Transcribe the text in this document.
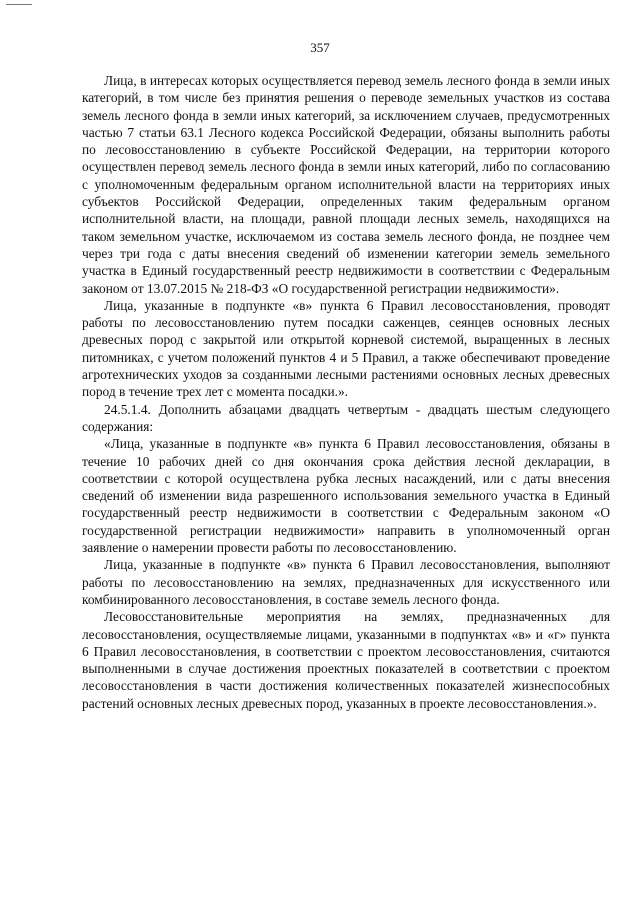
357

Лица, в интересах которых осуществляется перевод земель лесного фонда в земли иных категорий, в том числе без принятия решения о переводе земельных участков из состава земель лесного фонда в земли иных категорий, за исключением случаев, предусмотренных частью 7 статьи 63.1 Лесного кодекса Российской Федерации, обязаны выполнить работы по лесовосстановлению в субъекте Российской Федерации, на территории которого осуществлен перевод земель лесного фонда в земли иных категорий, либо по согласованию с уполномоченным федеральным органом исполнительной власти на территориях иных субъектов Российской Федерации, определенных таким федеральным органом исполнительной власти, на площади, равной площади лесных земель, находящихся на таком земельном участке, исключаемом из состава земель лесного фонда, не позднее чем через три года с даты внесения сведений об изменении категории земель земельного участка в Единый государственный реестр недвижимости в соответствии с Федеральным законом от 13.07.2015 № 218-ФЗ «О государственной регистрации недвижимости».

Лица, указанные в подпункте «в» пункта 6 Правил лесовосстановления, проводят работы по лесовосстановлению путем посадки саженцев, сеянцев основных лесных древесных пород с закрытой или открытой корневой системой, выращенных в лесных питомниках, с учетом положений пунктов 4 и 5 Правил, а также обеспечивают проведение агротехнических уходов за созданными лесными растениями основных лесных древесных пород в течение трех лет с момента посадки.».

24.5.1.4. Дополнить абзацами двадцать четвертым - двадцать шестым следующего содержания:

«Лица, указанные в подпункте «в» пункта 6 Правил лесовосстановления, обязаны в течение 10 рабочих дней со дня окончания срока действия лесной декларации, в соответствии с которой осуществлена рубка лесных насаждений, или с даты внесения сведений об изменении вида разрешенного использования земельного участка в Единый государственный реестр недвижимости в соответствии с Федеральным законом «О государственной регистрации недвижимости» направить в уполномоченный орган заявление о намерении провести работы по лесовосстановлению.

Лица, указанные в подпункте «в» пункта 6 Правил лесовосстановления, выполняют работы по лесовосстановлению на землях, предназначенных для искусственного или комбинированного лесовосстановления, в составе земель лесного фонда.

Лесовосстановительные мероприятия на землях, предназначенных для лесовосстановления, осуществляемые лицами, указанными в подпунктах «в» и «г» пункта 6 Правил лесовосстановления, в соответствии с проектом лесовосстановления, считаются выполненными в случае достижения проектных показателей в соответствии с проектом лесовосстановления в части достижения количественных показателей жизнеспособных растений основных лесных древесных пород, указанных в проекте лесовосстановления.».
